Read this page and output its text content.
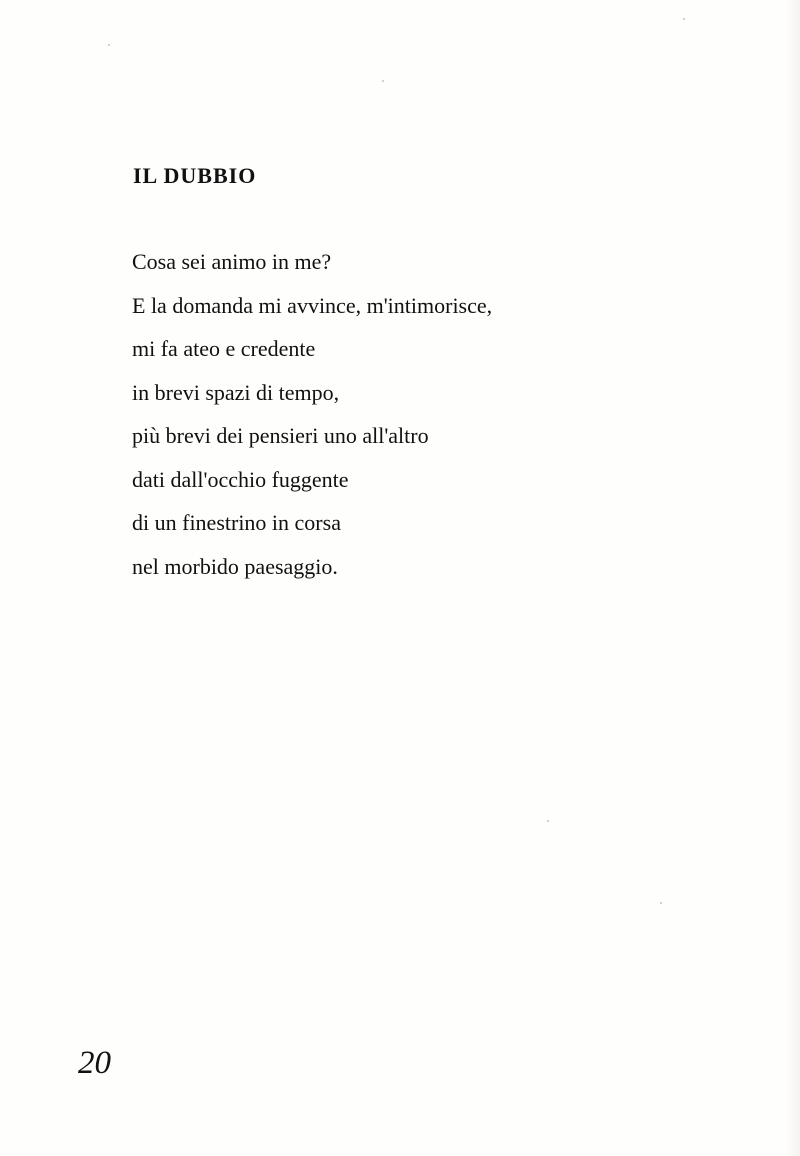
IL DUBBIO
Cosa sei animo in me?
E la domanda mi avvince, m'intimorisce,
mi fa ateo e credente
in brevi spazi di tempo,
più brevi dei pensieri uno all'altro
dati dall'occhio fuggente
di un finestrino in corsa
nel morbido paesaggio.
20
